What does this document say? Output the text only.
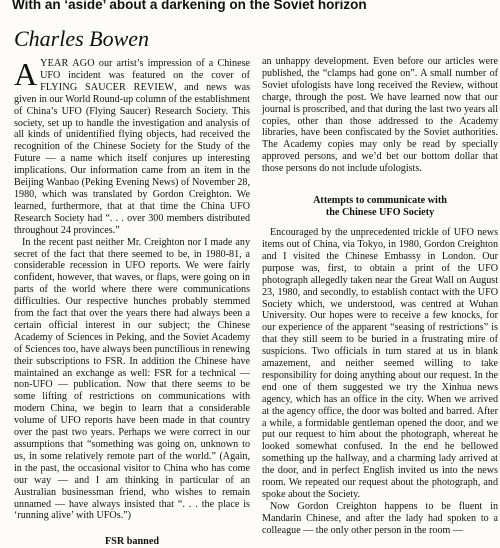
With an ‘aside’ about a darkening on the Soviet horizon
Charles Bowen

AYEAR AGO our artist’s impression of a Chinese UFO incident was featured on the cover of FLYING SAUCER REVIEW, and news was given in our World Round-up column of the establishment of China’s UFO (Flying Saucer) Research Society. This society, set up to handle the investigation and analysis of all kinds of unidentified flying objects, had received the recognition of the Chinese Society for the Study of the Future — a name which itself conjures up interesting implications. Our information came from an item in the Beijing Wanbao (Peking Evening News) of November 28, 1980, which was translated by Gordon Creighton. We learned, furthermore, that at that time the China UFO Research Society had “. . . over 300 members distributed throughout 24 provinces.”

In the recent past neither Mr. Creighton nor I made any secret of the fact that there seemed to be, in 1980-81, a considerable recession in UFO reports. We were fairly confident, however, that waves, or flaps, were going on in parts of the world where there were communications difficulties. Our respective hunches probably stemmed from the fact that over the years there had always been a certain official interest in our subject; the Chinese Academy of Sciences in Peking, and the Soviet Academy of Sciences too, have always been punctilious in renewing their subscriptions to FSR. In addition the Chinese have maintained an exchange as well: FSR for a technical — non-UFO — publication. Now that there seems to be some lifting of restrictions on communications with modern China, we begin to learn that a considerable volume of UFO reports have been made in that country over the past two years. Perhaps we were correct in our assumptions that “something was going on, unknown to us, in some relatively remote part of the world.” (Again, in the past, the occasional visitor to China who has come our way — and I am thinking in particular of an Australian businessman friend, who wishes to remain unnamed — have always insisted that “. . . the place is ‘running alive’ with UFOs.”)

FSR banned

an unhappy development. Even before our articles were published, the “clamps had gone on”. A small number of Soviet ufologists have long received the Review, without charge, through the post. We have learned now that our journal is proscribed, and that during the last two years all copies, other than those addressed to the Academy libraries, have been confiscated by the Soviet authorities. The Academy copies may only be read by specially approved persons, and we’d bet our bottom dollar that those persons do not include ufologists.

Attempts to communicate with
the Chinese UFO Society

Encouraged by the unprecedented trickle of UFO news items out of China, via Tokyo, in 1980, Gordon Creighton and I visited the Chinese Embassy in London. Our purpose was, first, to obtain a print of the UFO photograph allegedly taken near the Great Wall on August 23, 1980, and secondly, to establish contact with the UFO Society which, we understood, was centred at Wuhan University. Our hopes were to receive a few knocks, for our experience of the apparent “seasing of restrictions” is that they still seem to be buried in a frustrating mire of suspicions. Two officials in turn stared at us in blank amazement, and neither seemed willing to take responsibility for doing anything about our request. In the end one of them suggested we try the Xinhua news agency, which has an office in the city. When we arrived at the agency office, the door was bolted and barred. After a while, a formidable gentleman opened the door, and we put our request to him about the photograph, whereat he looked somewhat confused. In the end he bellowed something up the hallway, and a charming lady arrived at the door, and in perfect English invited us into the news room. We repeated our request about the photograph, and spoke about the Society.

Now Gordon Creighton happens to be fluent in Mandarin Chinese, and after the lady had spoken to a colleague — the only other person in the room —
